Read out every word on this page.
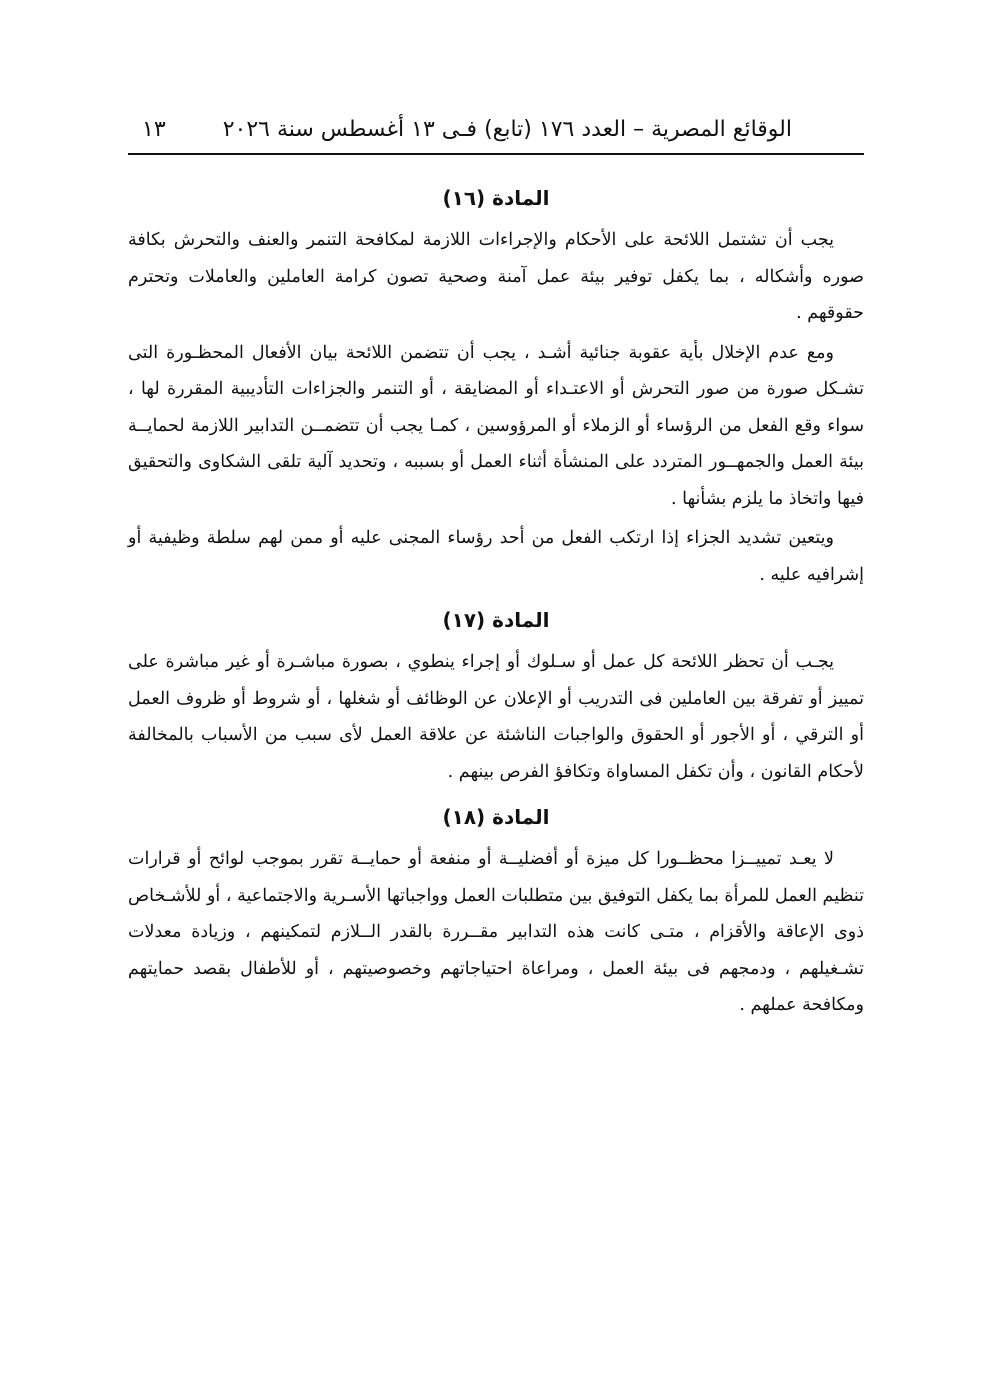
الوقائع المصرية – العدد ١٧٦ (تابع) فـى ١٣ أغسطس سنة ٢٠٢٦
١٣
المادة (١٦)

يجب أن تشتمل اللائحة على الأحكام والإجراءات اللازمة لمكافحة التنمر والعنف والتحرش بكافة صوره وأشكاله ، بما يكفل توفير بيئة عمل آمنة وصحية تصون كرامة العاملين والعاملات وتحترم حقوقهم .

ومع عدم الإخلال بأية عقوبة جنائية أشـد ، يجب أن تتضمن اللائحة بيان الأفعال المحظـورة التى تشـكل صورة من صور التحرش أو الاعتـداء أو المضايقة ، أو التنمر والجزاءات التأديبية المقررة لها ، سواء وقع الفعل من الرؤساء أو الزملاء أو المرؤوسين ، كمـا يجب أن تتضمــن التدابير اللازمة لحمايــة بيئة العمل والجمهــور المتردد على المنشأة أثناء العمل أو بسببه ، وتحديد آلية تلقى الشكاوى والتحقيق فيها واتخاذ ما يلزم بشأنها .

ويتعين تشديد الجزاء إذا ارتكب الفعل من أحد رؤساء المجنى عليه أو ممن لهم سلطة وظيفية أو إشرافيه عليه .

المادة (١٧)

يجـب أن تحظر اللائحة كل عمل أو سـلوك أو إجراء ينطوي ، بصورة مباشـرة أو غير مباشرة على تمييز أو تفرقة بين العاملين فى التدريب أو الإعلان عن الوظائف أو شغلها ، أو شروط أو ظروف العمل أو الترقي ، أو الأجور أو الحقوق والواجبات الناشئة عن علاقة العمل لأى سبب من الأسباب بالمخالفة لأحكام القانون ، وأن تكفل المساواة وتكافؤ الفرص بينهم .

المادة (١٨)

لا يعـد تمييــزا محظــورا كل ميزة أو أفضليــة أو منفعة أو حمايــة تقرر بموجب لوائح أو قرارات تنظيم العمل للمرأة بما يكفل التوفيق بين متطلبات العمل وواجباتها الأسـرية والاجتماعية ، أو للأشـخاص ذوى الإعاقة والأقزام ، متـى كانت هذه التدابير مقــررة بالقدر الــلازم لتمكينهم ، وزيادة معدلات تشـغيلهم ، ودمجهم فى بيئة العمل ، ومراعاة احتياجاتهم وخصوصيتهم ، أو للأطفال بقصد حمايتهم ومكافحة عملهم .
